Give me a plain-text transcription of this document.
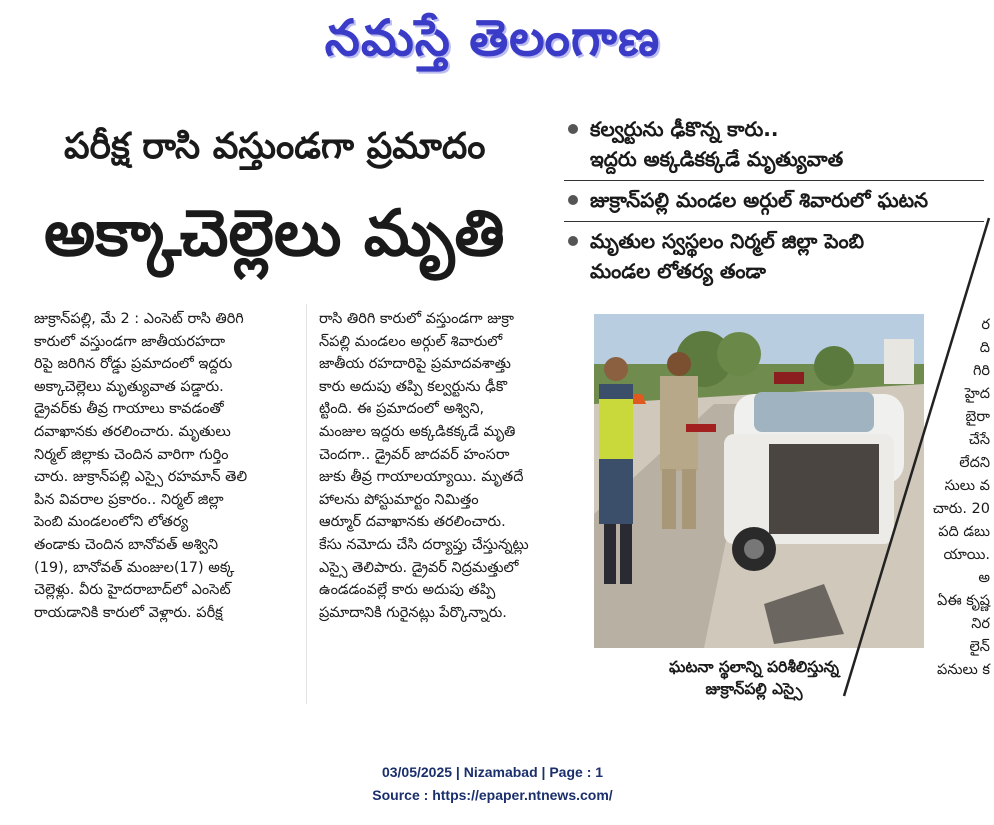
నమస్తే తెలంగాణ
పరీక్ష రాసి వస్తుండగా ప్రమాదం
అక్కాచెల్లెలు మృతి
కల్వర్టును ఢీకొన్న కారు..
ఇద్దరు అక్కడికక్కడే మృత్యువాత
జుక్రాన్‌పల్లి మండల అర్గుల్ శివారులో ఘటన
మృతుల స్వస్థలం నిర్మల్ జిల్లా పెంబి
మండల లోతర్య తండా
జుక్రాన్‌పల్లి, మే 2 : ఎంసెట్ రాసి తిరిగి
కారులో వస్తుండగా జాతీయరహదా
రిపై జరిగిన రోడ్డు ప్రమాదంలో ఇద్దరు
అక్కాచెల్లెలు మృత్యువాత పడ్డారు.
డ్రైవర్‌కు తీవ్ర గాయాలు కావడంతో
దవాఖానకు తరలించారు. మృతులు
నిర్మల్ జిల్లాకు చెందిన వారిగా గుర్తిం
చారు. జుక్రాన్‌పల్లి ఎస్సై రహమాన్ తెలి
పిన వివరాల ప్రకారం.. నిర్మల్ జిల్లా
పెంబి మండలంలోని లోతర్య
తండాకు చెందిన బానోవత్ అశ్విని
(19), బానోవత్ మంజుల(17) అక్క
చెల్లెళ్లు. వీరు హైదరాబాద్‌లో ఎంసెట్
రాయడానికి కారులో వెళ్లారు. పరీక్ష
రాసి తిరిగి కారులో వస్తుండగా జుక్రా
న్‌పల్లి మండలం అర్గుల్ శివారులో
జాతీయ రహదారిపై ప్రమాదవశాత్తు
కారు అదుపు తప్పి కల్వర్టును ఢీకొ
ట్టింది. ఈ ప్రమాదంలో అశ్విని,
మంజుల ఇద్దరు అక్కడికక్కడే మృతి
చెందగా.. డ్రైవర్ జాదవర్ హంసరా
జుకు తీవ్ర గాయాలయ్యాయి. మృతదే
హాలను పోస్టుమార్టం నిమిత్తం
ఆర్మూర్ దవాఖానకు తరలించారు.
కేసు నమోదు చేసి దర్యాప్తు చేస్తున్నట్లు
ఎస్సై తెలిపారు. డ్రైవర్ నిద్రమత్తులో
ఉండడంవల్లే కారు అదుపు తప్పి
ప్రమాదానికి గురైనట్లు పేర్కొన్నారు.
ఘటనా స్థలాన్ని పరిశీలిస్తున్న
జుక్రాన్‌పల్లి ఎస్సై
ర
ది
గిరి
హైద
బైరా
చేసే
లేదని
సులు వ
చారు. 20
పది డబు
యాయి. అ
ఏఈ కృష్ణ నిర
లైన్ పనులు క
03/05/2025 | Nizamabad | Page : 1
Source : https://epaper.ntnews.com/
